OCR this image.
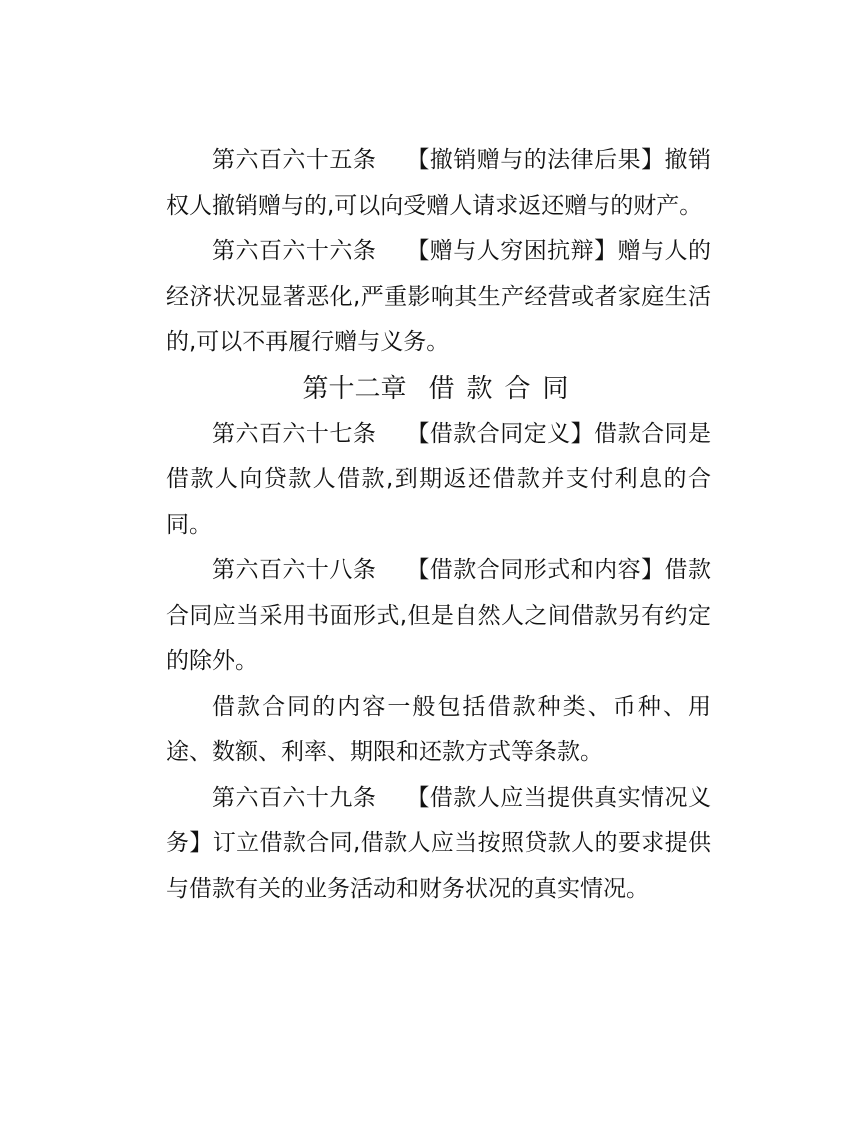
第六百六十五条 【撤销赠与的法律后果】撤销权人撤销赠与的,可以向受赠人请求返还赠与的财产。

第六百六十六条 【赠与人穷困抗辩】赠与人的经济状况显著恶化,严重影响其生产经营或者家庭生活的,可以不再履行赠与义务。

第十二章 借款合同

第六百六十七条 【借款合同定义】借款合同是借款人向贷款人借款,到期返还借款并支付利息的合同。

第六百六十八条 【借款合同形式和内容】借款合同应当采用书面形式,但是自然人之间借款另有约定的除外。

借款合同的内容一般包括借款种类、币种、用途、数额、利率、期限和还款方式等条款。

第六百六十九条 【借款人应当提供真实情况义务】订立借款合同,借款人应当按照贷款人的要求提供与借款有关的业务活动和财务状况的真实情况。
